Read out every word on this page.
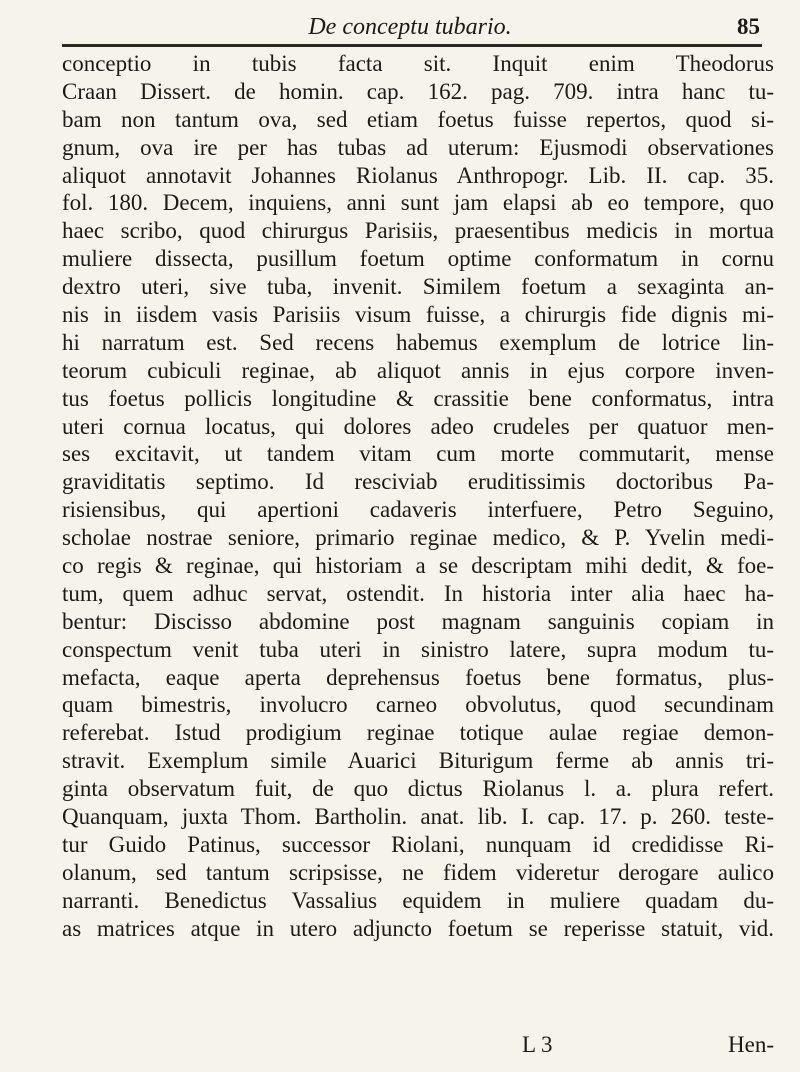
De conceptu tubario.	85
conceptio in tubis facta sit. Inquit enim Theodorus
Craan Dissert. de homin. cap. 162. pag. 709. intra hanc tu-
bam non tantum ova, sed etiam foetus fuisse repertos, quod si-
gnum, ova ire per has tubas ad uterum: Ejusmodi observationes
aliquot annotavit Johannes Riolanus Anthropogr. Lib. II. cap. 35.
fol. 180. Decem, inquiens, anni sunt jam elapsi ab eo tempore, quo
haec scribo, quod chirurgus Parisiis, praesentibus medicis in mortua
muliere dissecta, pusillum foetum optime conformatum in cornu
dextro uteri, sive tuba, invenit. Similem foetum a sexaginta an-
nis in iisdem vasis Parisiis visum fuisse, a chirurgis fide dignis mi-
hi narratum est. Sed recens habemus exemplum de lotrice lin-
teorum cubiculi reginae, ab aliquot annis in ejus corpore inven-
tus foetus pollicis longitudine & crassitie bene conformatus, intra
uteri cornua locatus, qui dolores adeo crudeles per quatuor men-
ses excitavit, ut tandem vitam cum morte commutarit, mense
graviditatis septimo. Id resciviab eruditissimis doctoribus Pa-
risiensibus, qui apertioni cadaveris interfuere, Petro Seguino,
scholae nostrae seniore, primario reginae medico, & P. Yvelin medi-
co regis & reginae, qui historiam a se descriptam mihi dedit, & foe-
tum, quem adhuc servat, ostendit. In historia inter alia haec ha-
bentur: Discisso abdomine post magnam sanguinis copiam in
conspectum venit tuba uteri in sinistro latere, supra modum tu-
mefacta, eaque aperta deprehensus foetus bene formatus, plus-
quam bimestris, involucro carneo obvolutus, quod secundinam
referebat. Istud prodigium reginae totique aulae regiae demon-
stravit. Exemplum simile Auarici Biturigum ferme ab annis tri-
ginta observatum fuit, de quo dictus Riolanus l. a. plura refert.
Quanquam, juxta Thom. Bartholin. anat. lib. I. cap. 17. p. 260. teste-
tur Guido Patinus, successor Riolani, nunquam id credidisse Ri-
olanum, sed tantum scripsisse, ne fidem videretur derogare aulico
narranti. Benedictus Vassalius equidem in muliere quadam du-
as matrices atque in utero adjuncto foetum se reperisse statuit, vid.
L 3	Hen-
